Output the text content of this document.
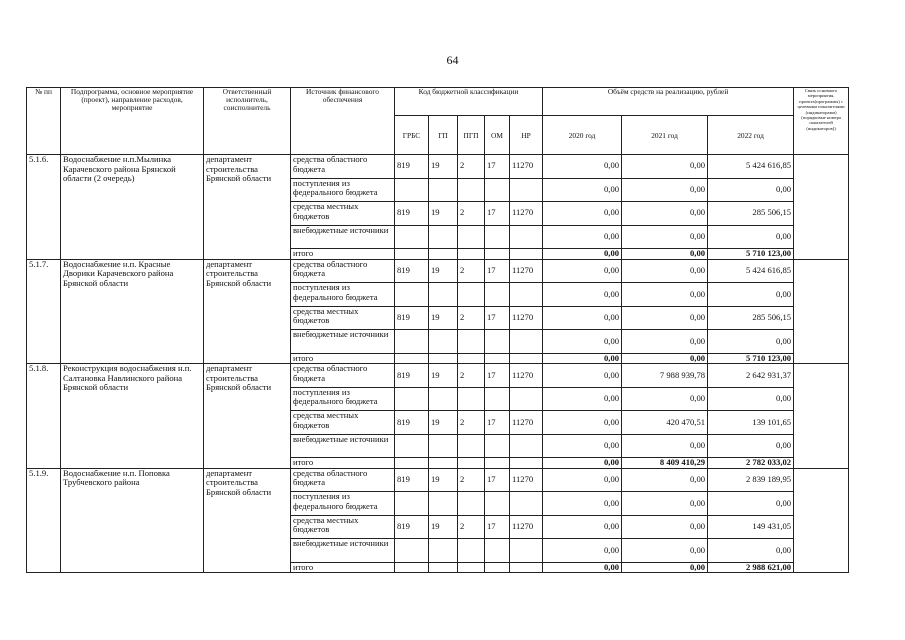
64
№ пп	Подпрограмма, основное мероприятие (проект), направление расходов, мероприятие	Ответственный исполнитель, соисполнитель	Источник финансового обеспечения	Код бюджетной классификации					Объём средств на реализацию, рублей			Связь основного мероприятия, проекта(программы) с целевыми показателями (индикаторами) (порядковые номера показателей (индикаторов))
				ГРБС	ГП	ПГП	ОМ	НР	2020 год	2021 год	2022 год	
5.1.6.	Водоснабжение н.п.Мылинка Карачевского района Брянской области (2 очередь)	департамент строительства Брянской области	средства областного бюджета	819	19	2	17	11270	0,00	0,00	5 424 616,85	
			поступления из федерального бюджета						0,00	0,00	0,00	
			средства местных бюджетов	819	19	2	17	11270	0,00	0,00	285 506,15	
			внебюджетные источники						0,00	0,00	0,00	
			итого						0,00	0,00	5 710 123,00	
5.1.7.	Водоснабжение н.п. Красные Дворики Карачевского района Брянской области	департамент строительства Брянской области	средства областного бюджета	819	19	2	17	11270	0,00	0,00	5 424 616,85	
			поступления из федерального бюджета						0,00	0,00	0,00	
			средства местных бюджетов	819	19	2	17	11270	0,00	0,00	285 506,15	
			внебюджетные источники						0,00	0,00	0,00	
			итого						0,00	0,00	5 710 123,00	
5.1.8.	Реконструкция водоснабжения н.п. Салтановка Навлинского района Брянской области	департамент строительства Брянской области	средства областного бюджета	819	19	2	17	11270	0,00	7 988 939,78	2 642 931,37	
			поступления из федерального бюджета						0,00	0,00	0,00	
			средства местных бюджетов	819	19	2	17	11270	0,00	420 470,51	139 101,65	
			внебюджетные источники						0,00	0,00	0,00	
			итого						0,00	8 409 410,29	2 782 033,02	
5.1.9.	Водоснабжение н.п. Поповка Трубчевского района	департамент строительства Брянской области	средства областного бюджета	819	19	2	17	11270	0,00	0,00	2 839 189,95	
			поступления из федерального бюджета						0,00	0,00	0,00	
			средства местных бюджетов	819	19	2	17	11270	0,00	0,00	149 431,05	
			внебюджетные источники						0,00	0,00	0,00	
			итого						0,00	0,00	2 988 621,00	
